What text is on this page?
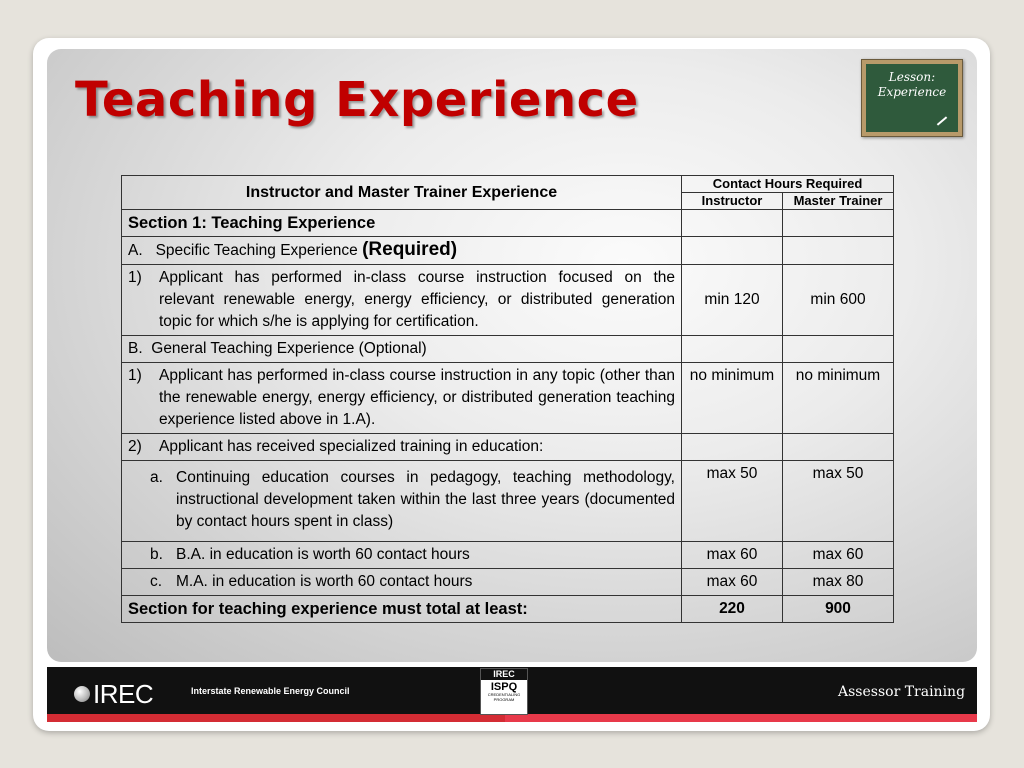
Teaching Experience	Lesson:
Experience
Instructor and Master Trainer Experience	Contact Hours Required	
	Instructor	Master Trainer
Section 1: Teaching Experience		
A.   Specific Teaching Experience (Required)		

1) Applicant has performed in-class course instruction focused on the relevant renewable energy, energy efficiency, or distributed generation topic for which s/he is applying for certification.	min 120	min 600
B.  General Teaching Experience (Optional)		

1) Applicant has performed in-class course instruction in any topic (other than the renewable energy, energy efficiency, or distributed generation teaching experience listed above in 1.A).	no minimum	no minimum

2) Applicant has received specialized training in education:		

a. Continuing education courses in pedagogy, teaching methodology, instructional development taken within the last three years (documented by contact hours spent in class)	max 50	max 50

b. B.A. in education is worth 60 contact hours	max 60	max 60

c. M.A. in education is worth 60 contact hours	max 60	max 80
Section for teaching experience must total at least:	220	900
IREC	Interstate Renewable Energy Council
IREC
ISPQ
CREDENTIALING PROGRAM	Assessor Training
